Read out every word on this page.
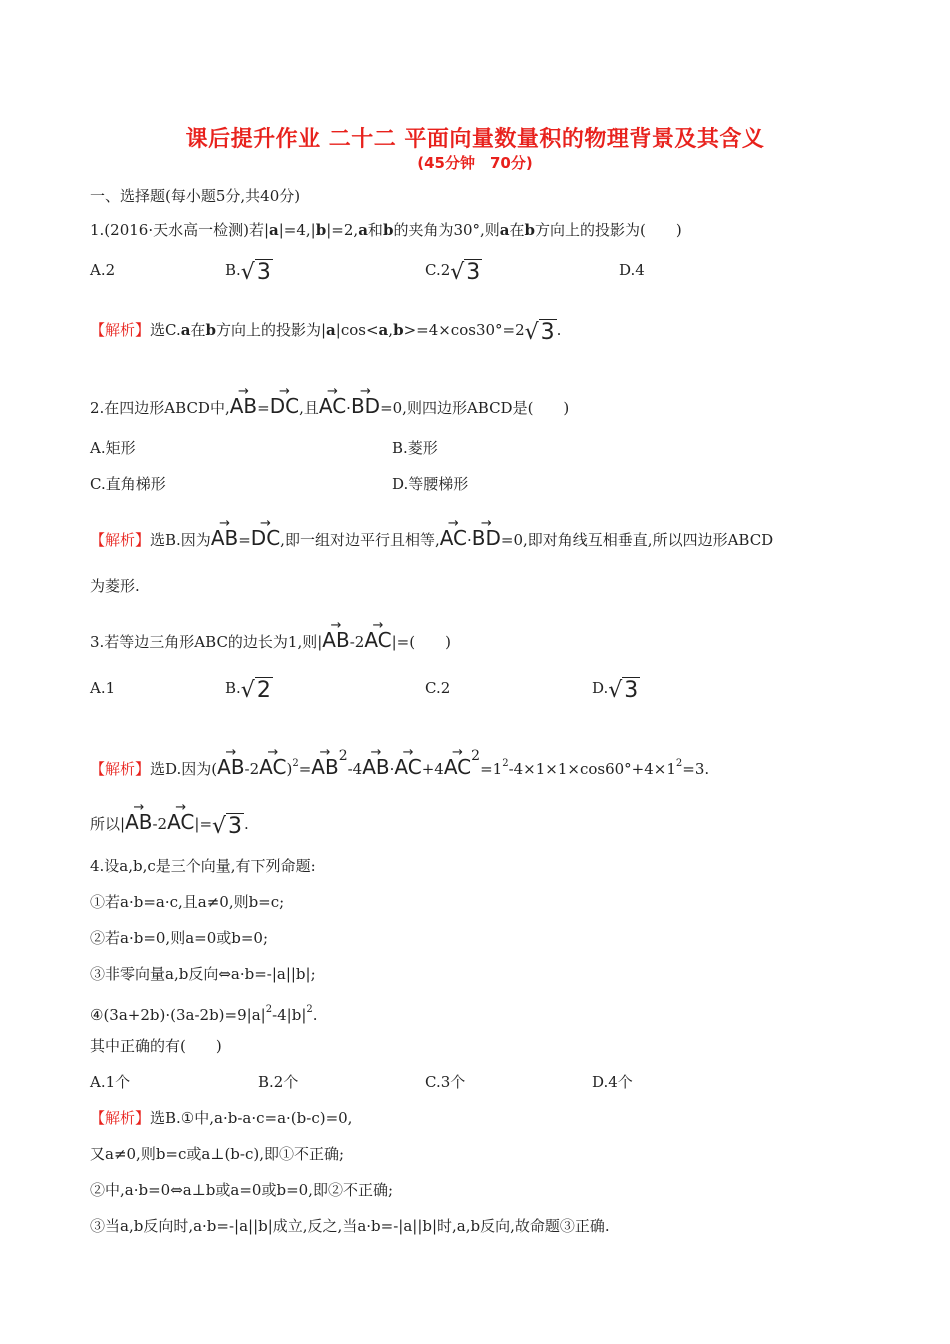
课后提升作业 二十二 平面向量数量积的物理背景及其含义
(45分钟　70分)
一、选择题(每小题5分,共40分)
1.(2016·天水高一检测)若|a|=4,|b|=2,a和b的夹角为30°,则a在b方向上的投影为(　　)
A.2	B.√3	C.2√3	D.4
【解析】选C.a在b方向上的投影为|a|cos<a,b>=4×cos30°=2√3 .
2.在四边形ABCD中,→ AB=→ DC,且→ AC·→ BD=0,则四边形ABCD是(　　)
A.矩形	B.菱形
C.直角梯形	D.等腰梯形
【解析】选B.因为→ AB=→ DC,即一组对边平行且相等,→ AC·→ BD=0,即对角线互相垂直,所以四边形ABCD
为菱形.
3.若等边三角形ABC的边长为1,则|→ AB-2→ AC|=(　　)
A.1	B.√2	C.2	D.√3
【解析】选D.因为(→ $AB-2\to AC)^2=\to AB2-4\to AB\cdot\to AC+4\to AC2=1^2-4\times 1\times 1\times\cos 60^\circ+4\times 1^2=3$.
所以|→ AB-2→ AC|=√3 .
4.设a,b,c是三个向量,有下列命题:
①若a·b=a·c,且a≠0,则b=c;
②若a·b=0,则a=0或b=0;
③非零向量a,b反向⇔a·b=-|a||b|;
$④(3a+2b)\cdot(3a-2b)=9|a|^2-4|b|^2$.
其中正确的有(　　)
A.1个	B.2个	C.3个	D.4个
【解析】选B.①中,a·b-a·c=a·(b-c)=0,
又a≠0,则b=c或a⊥(b-c),即①不正确;
②中,a·b=0⇔a⊥b或a=0或b=0,即②不正确;
③当a,b反向时,a·b=-|a||b|成立,反之,当a·b=-|a||b|时,a,b反向,故命题③正确.
